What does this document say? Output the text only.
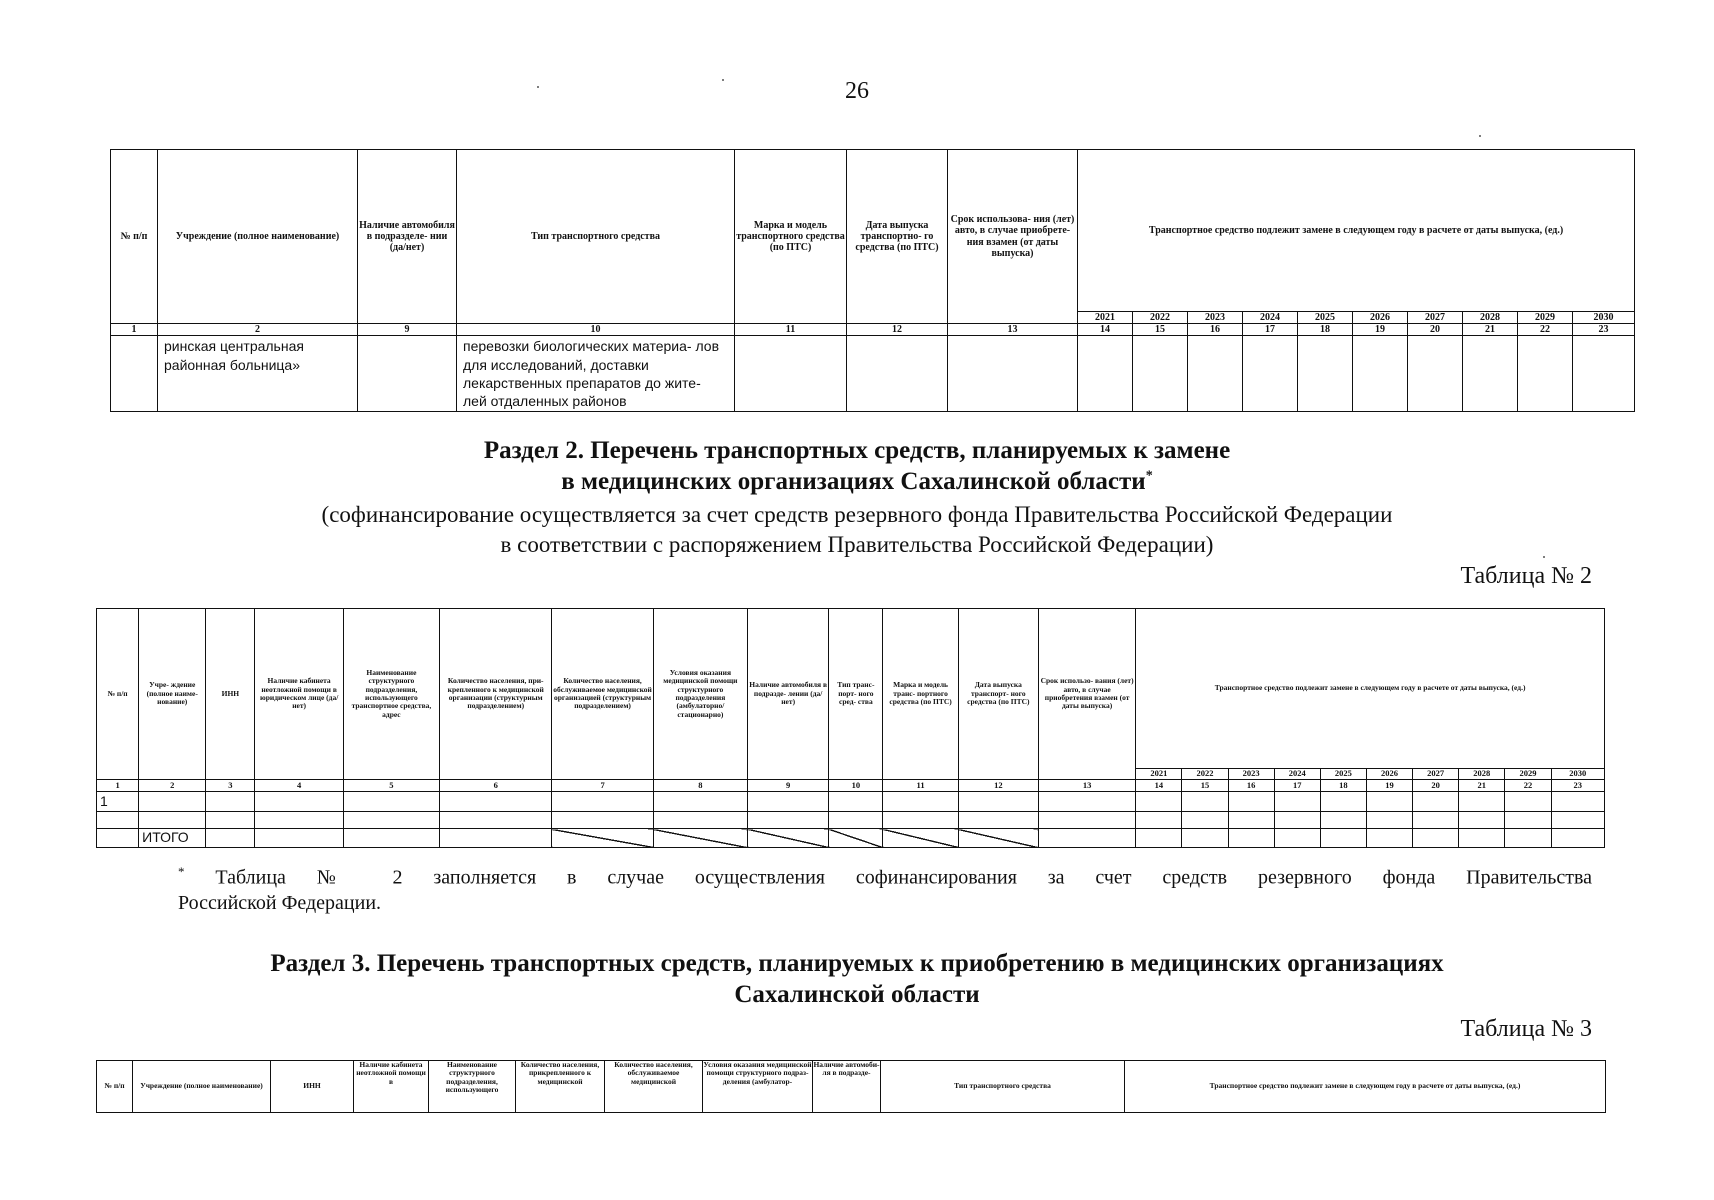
26
№ п/п	Учреждение (полное наименование)	Наличие автомобиля в подразделе- нии (да/нет)	Тип транспортного средства	Марка и модель транспортного средства (по ПТС)	Дата выпуска транспортно- го средства (по ПТС)	Срок использова- ния (лет) авто, в случае приобрете- ния взамен (от даты выпуска)	Транспортное средство подлежит замене в следующем году в расчете от даты выпуска, (ед.)									
							2021	2022	2023	2024	2025	2026	2027	2028	2029	2030
1	2	9	10	11	12	13	14	15	16	17	18	19	20	21	22	23
	ринская центральная районная больница»		перевозки биологических материа- лов для исследований, доставки лекарственных препаратов до жите- лей отдаленных районов													
Раздел 2. Перечень транспортных средств, планируемых к замене
в медицинских организациях Сахалинской области*
(софинансирование осуществляется за счет средств резервного фонда Правительства Российской Федерации
в соответствии с распоряжением Правительства Российской Федерации)
Таблица № 2
№ п/п	Учре- ждение (полное наиме- нование)	ИНН	Наличие кабинета неотложной помощи в юридическом лице (да/нет)	Наименование структурного подразделения, использующего транспортное средства, адрес	Количество населения, при- крепленного к медицинской организации (структурным подразделением)	Количество населения, обслуживаемое медицинской организацией (структурным подразделением)	Условия оказания медицинской помощи структурного подразделения (амбулаторно/ стационарно)	Наличие автомобиля в подразде- лении (да/нет)	Тип транс- порт- ного сред- ства	Марка и модель транс- портного средства (по ПТС)	Дата выпуска транспорт- ного средства (по ПТС)	Срок использо- вания (лет) авто, в случае приобретения взамен (от даты выпуска)	Транспортное средство подлежит замене в следующем году в расчете от даты выпуска, (ед.)									
													2021	2022	2023	2024	2025	2026	2027	2028	2029	2030
1	2	3	4	5	6	7	8	9	10	11	12	13	14	15	16	17	18	19	20	21	22	23
1																						

	ИТОГО																					
* Таблица № 2 заполняется в случае осуществления софинансирования за счет средств резервного фонда Правительства
Российской Федерации.
Раздел 3. Перечень транспортных средств, планируемых к приобретению в медицинских организациях
Сахалинской области
Таблица № 3
№ п/п	Учреждение (полное наименование)	ИНН	Наличие кабинета неотложной помощи в	Наименование структурного подразделения, использующего	Количество населения, прикрепленного к медицинской	Количество населения, обслуживаемое медицинской	Условия оказания медицинской помощи структурного подраз- деления (амбулатор-	Наличие автомоби- ля в подразде-	Тип транспортного средства	Транспортное средство подлежит замене в следующем году в расчете от даты выпуска, (ед.)
